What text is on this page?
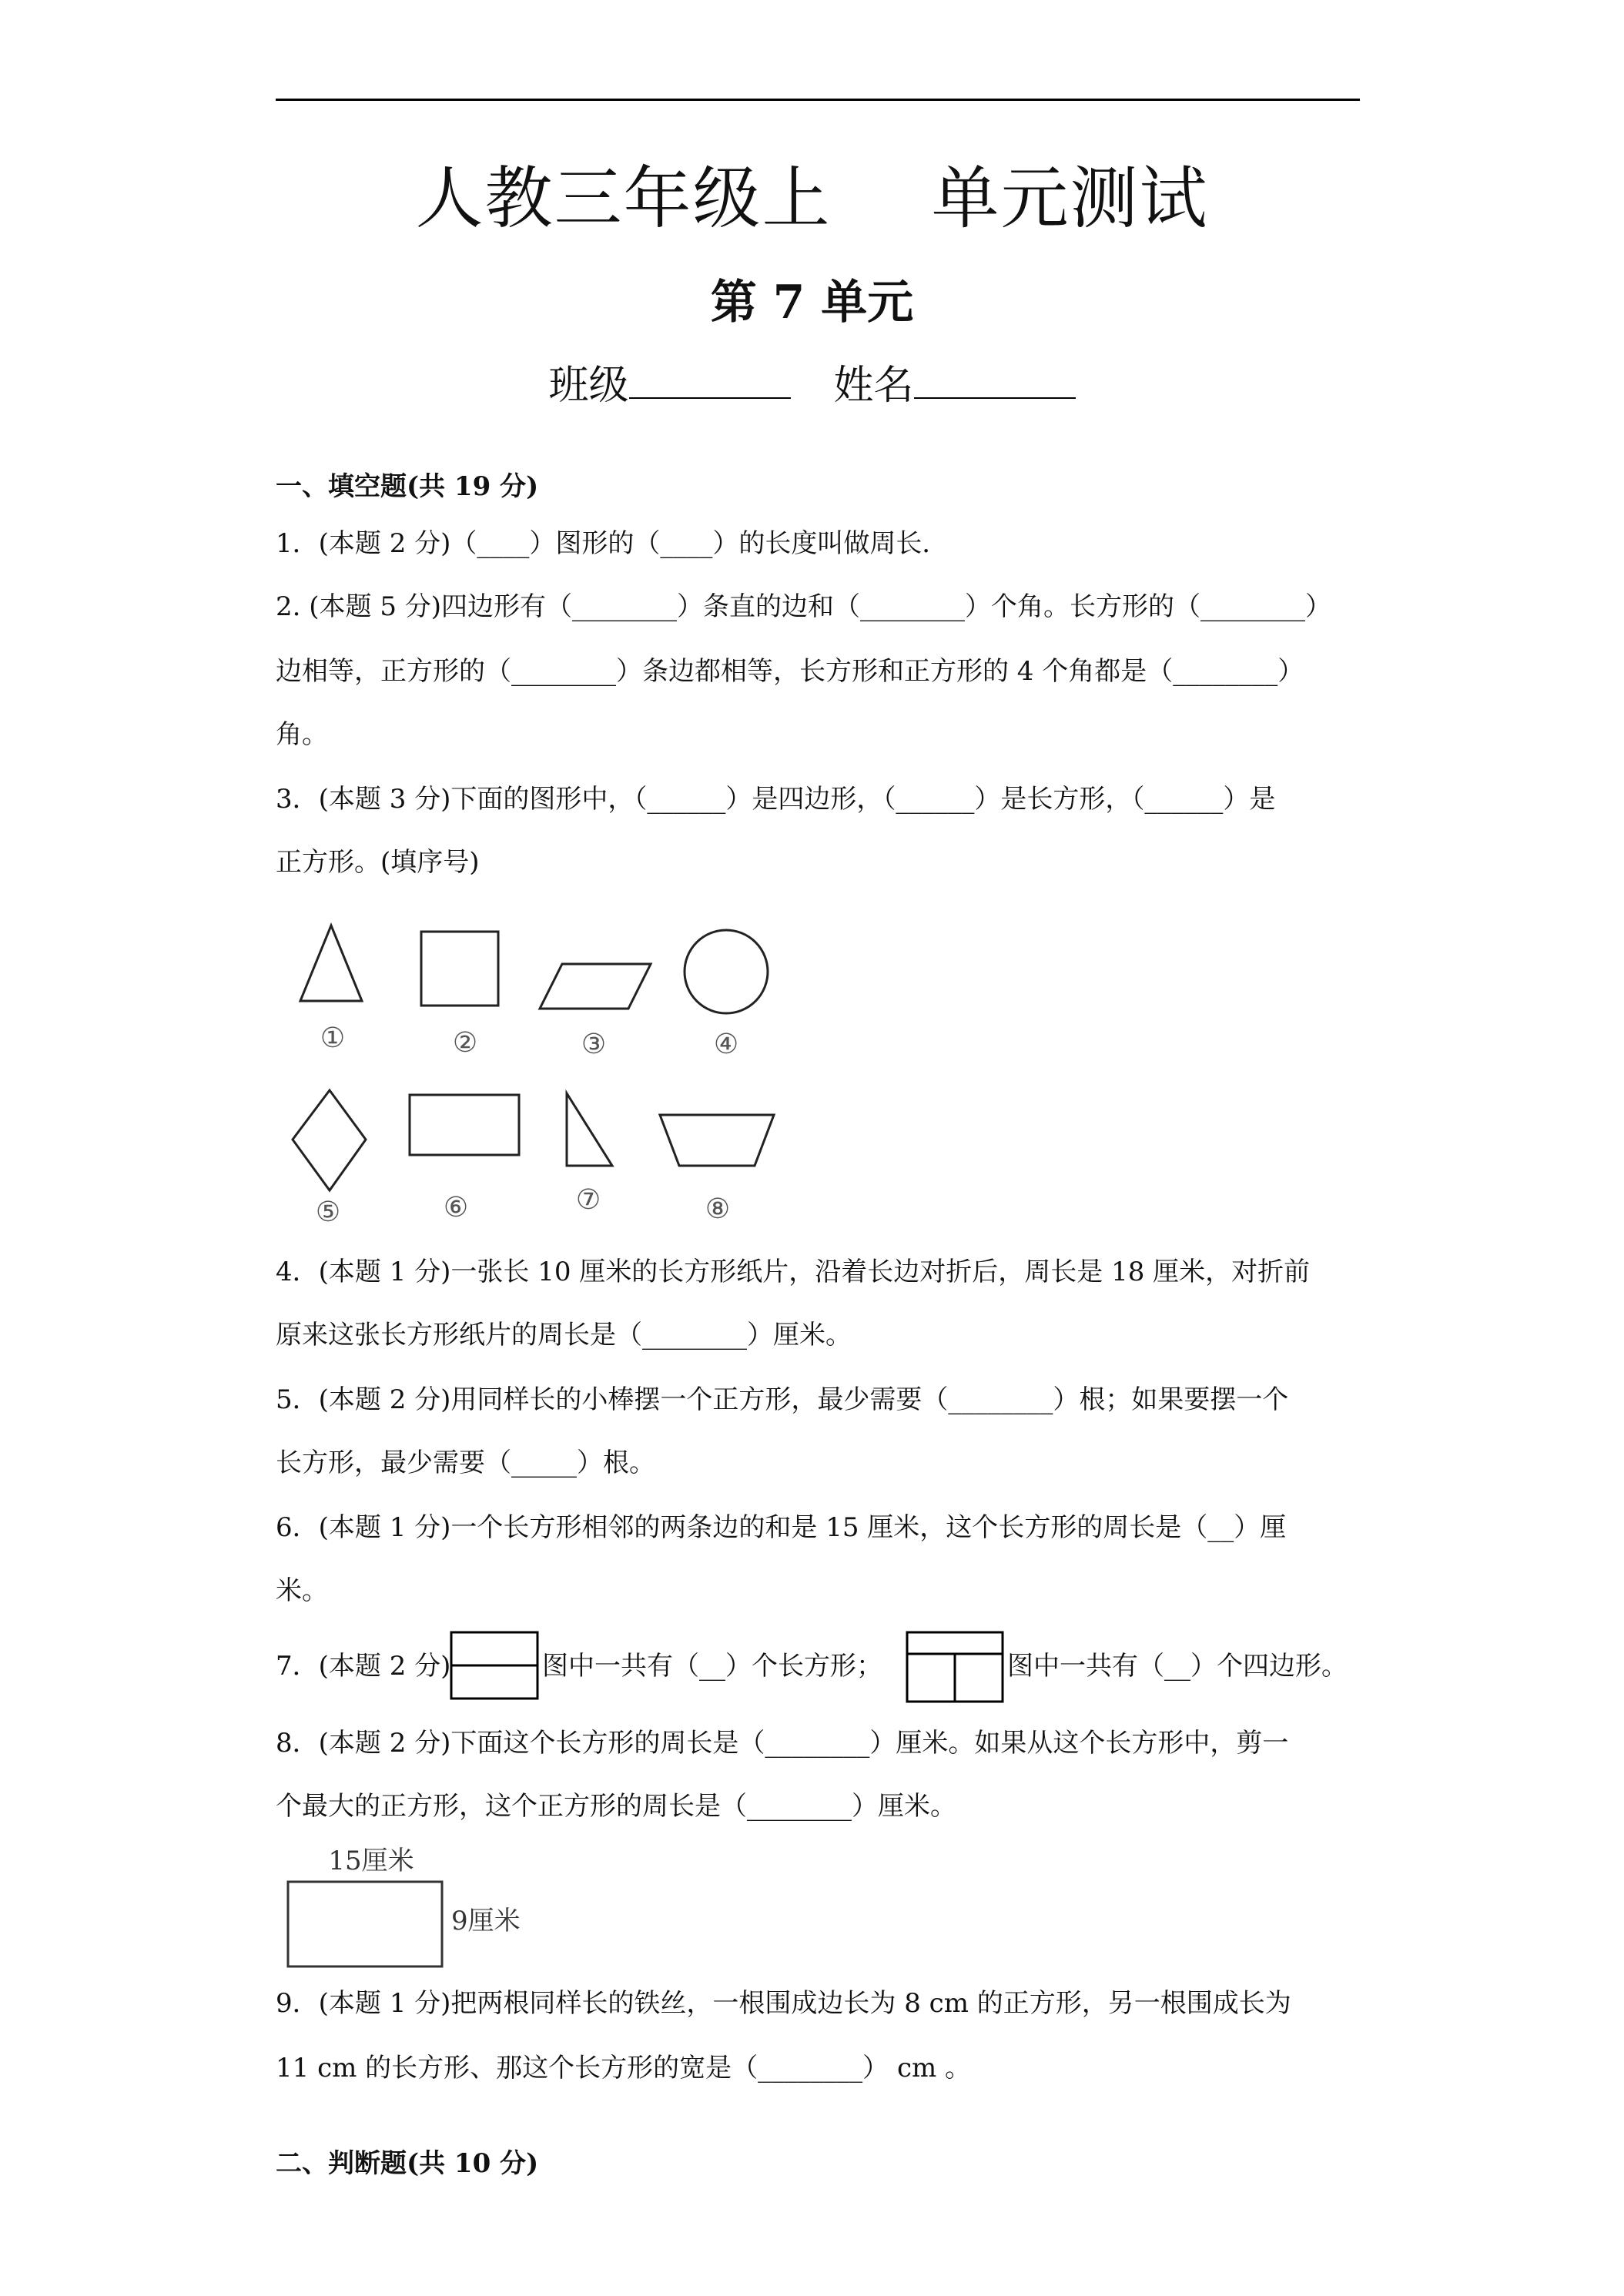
人教三年级上 单元测试
第 7 单元
班级	姓名
一、填空题(共 19 分)
1．(本题 2 分)（____）图形的（____）的长度叫做周长．
2. (本题 5 分)四边形有（________）条直的边和（________）个角。长方形的（________）
边相等，正方形的（________）条边都相等，长方形和正方形的 4 个角都是（________）
角。
3．(本题 3 分)下面的图形中，（______）是四边形，（______）是长方形，（______）是
正方形。(填序号)
①	②	③	④
⑤	⑥	⑦	⑧
4．(本题 1 分)一张长 10 厘米的长方形纸片，沿着长边对折后，周长是 18 厘米，对折前
原来这张长方形纸片的周长是（________）厘米。
5．(本题 2 分)用同样长的小棒摆一个正方形，最少需要（________）根；如果要摆一个
长方形，最少需要（_____）根。
6．(本题 1 分)一个长方形相邻的两条边的和是 15 厘米，这个长方形的周长是（__）厘
米。
7．(本题 2 分)	图中一共有（__）个长方形；	图中一共有（__）个四边形。
8．(本题 2 分)下面这个长方形的周长是（________）厘米。如果从这个长方形中，剪一
个最大的正方形，这个正方形的周长是（________）厘米。
15厘米
9厘米
9．(本题 1 分)把两根同样长的铁丝，一根围成边长为 8 cm 的正方形，另一根围成长为
11 cm 的长方形、那这个长方形的宽是（________） cm 。
二、判断题(共 10 分)
